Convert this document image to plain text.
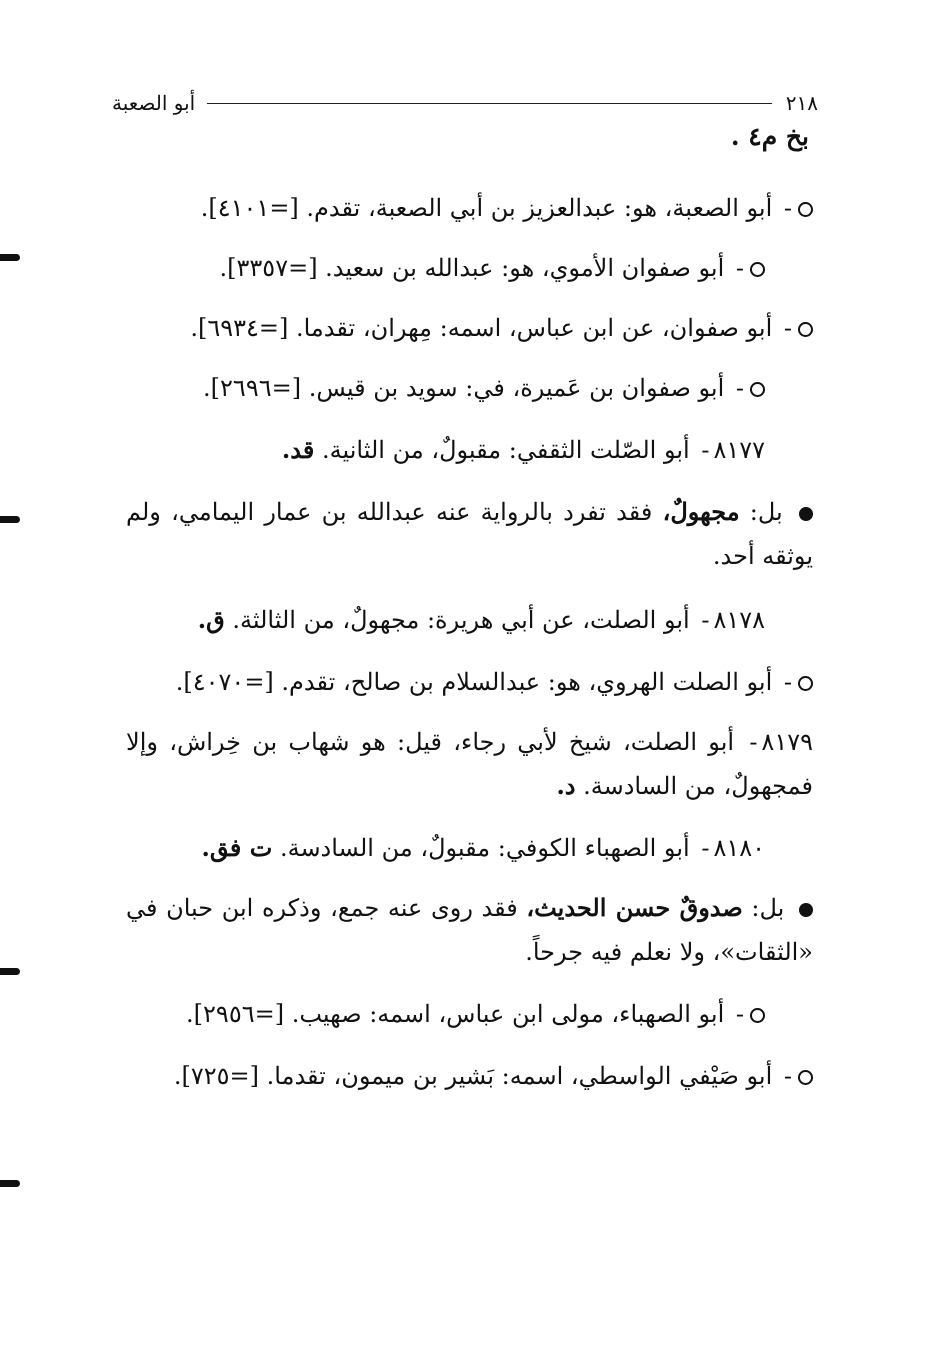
٢١٨
أبو الصعبة
بخ م٤ .
- أبو الصعبة، هو: عبدالعزيز بن أبي الصعبة، تقدم. [=٤١٠١].
- أبو صفوان الأموي، هو: عبدالله بن سعيد. [=٣٣٥٧].
- أبو صفوان، عن ابن عباس، اسمه: مِهران، تقدما. [=٦٩٣٤].
- أبو صفوان بن عَميرة، في: سويد بن قيس. [=٢٦٩٦].
٨١٧٧- أبو الصّلت الثقفي: مقبولٌ، من الثانية. قد.
بل: مجهولٌ، فقد تفرد بالرواية عنه عبدالله بن عمار اليمامي، ولم يوثقه أحد.
٨١٧٨- أبو الصلت، عن أبي هريرة: مجهولٌ، من الثالثة. ق.
- أبو الصلت الهروي، هو: عبدالسلام بن صالح، تقدم. [=٤٠٧٠].
٨١٧٩- أبو الصلت، شيخ لأبي رجاء، قيل: هو شهاب بن خِراش، وإلا فمجهولٌ، من السادسة. د.
٨١٨٠- أبو الصهباء الكوفي: مقبولٌ، من السادسة. ت فق.
بل: صدوقٌ حسن الحديث، فقد روى عنه جمع، وذكره ابن حبان في «الثقات»، ولا نعلم فيه جرحاً.
- أبو الصهباء، مولى ابن عباس، اسمه: صهيب. [=٢٩٥٦].
- أبو صَيْفي الواسطي، اسمه: بَشير بن ميمون، تقدما. [=٧٢٥].
